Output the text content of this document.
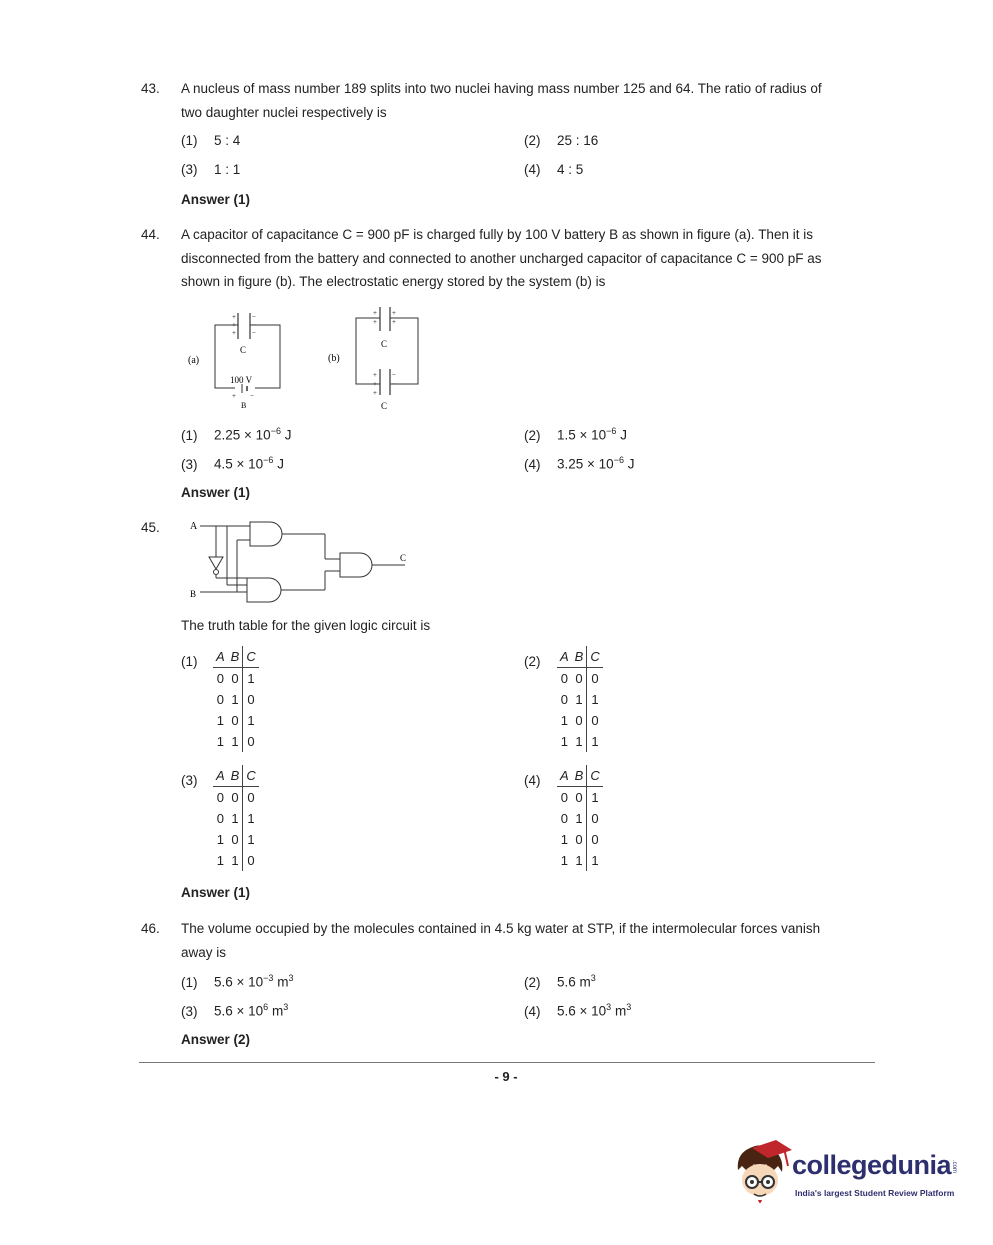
43. A nucleus of mass number 189 splits into two nuclei having mass number 125 and 64. The ratio of radius of
two daughter nuclei respectively is
(1) 5 : 4	(2) 25 : 16
(3) 1 : 1	(4) 4 : 5
Answer (1)
44. A capacitor of capacitance C = 900 pF is charged fully by 100 V battery B as shown in figure (a). Then it is
disconnected from the battery and connected to another uncharged capacitor of capacitance C = 900 pF as
shown in figure (b). The electrostatic energy stored by the system (b) is
(a)
+
+
+
−
−
−
C
100 V
+ −
B
(b)
+
+
+
+
C
+
+
+
−
−
C
(1) $2.25 \times 10^{-6}$ J	(2) $1.5 \times 10^{-6}$ J
(3) $4.5 \times 10^{-6}$ J	(4) $3.25 \times 10^{-6}$ J
Answer (1)
45.	A
B
C
The truth table for the given logic circuit is
(1) A	B	C
0	0	1
0	1	0
1	0	1
1	1	0
(2) A	B	C
0	0	0
0	1	1
1	0	0
1	1	1
(3) A	B	C
0	0	0
0	1	1
1	0	1
1	1	0
(4) A	B	C
0	0	1
0	1	0
1	0	0
1	1	1
Answer (1)
46. The volume occupied by the molecules contained in 4.5 kg water at STP, if the intermolecular forces vanish
away is
(1) $5.6 \times 10^{-3}$ $m^3$	(2) 5.6 $m^3$
(3) $5.6 \times 10^6$ $m^3$	(4) $5.6 \times 10^3$ $m^3$
Answer (2)
- 9 -
collegedunia .com
India's largest Student Review Platform
